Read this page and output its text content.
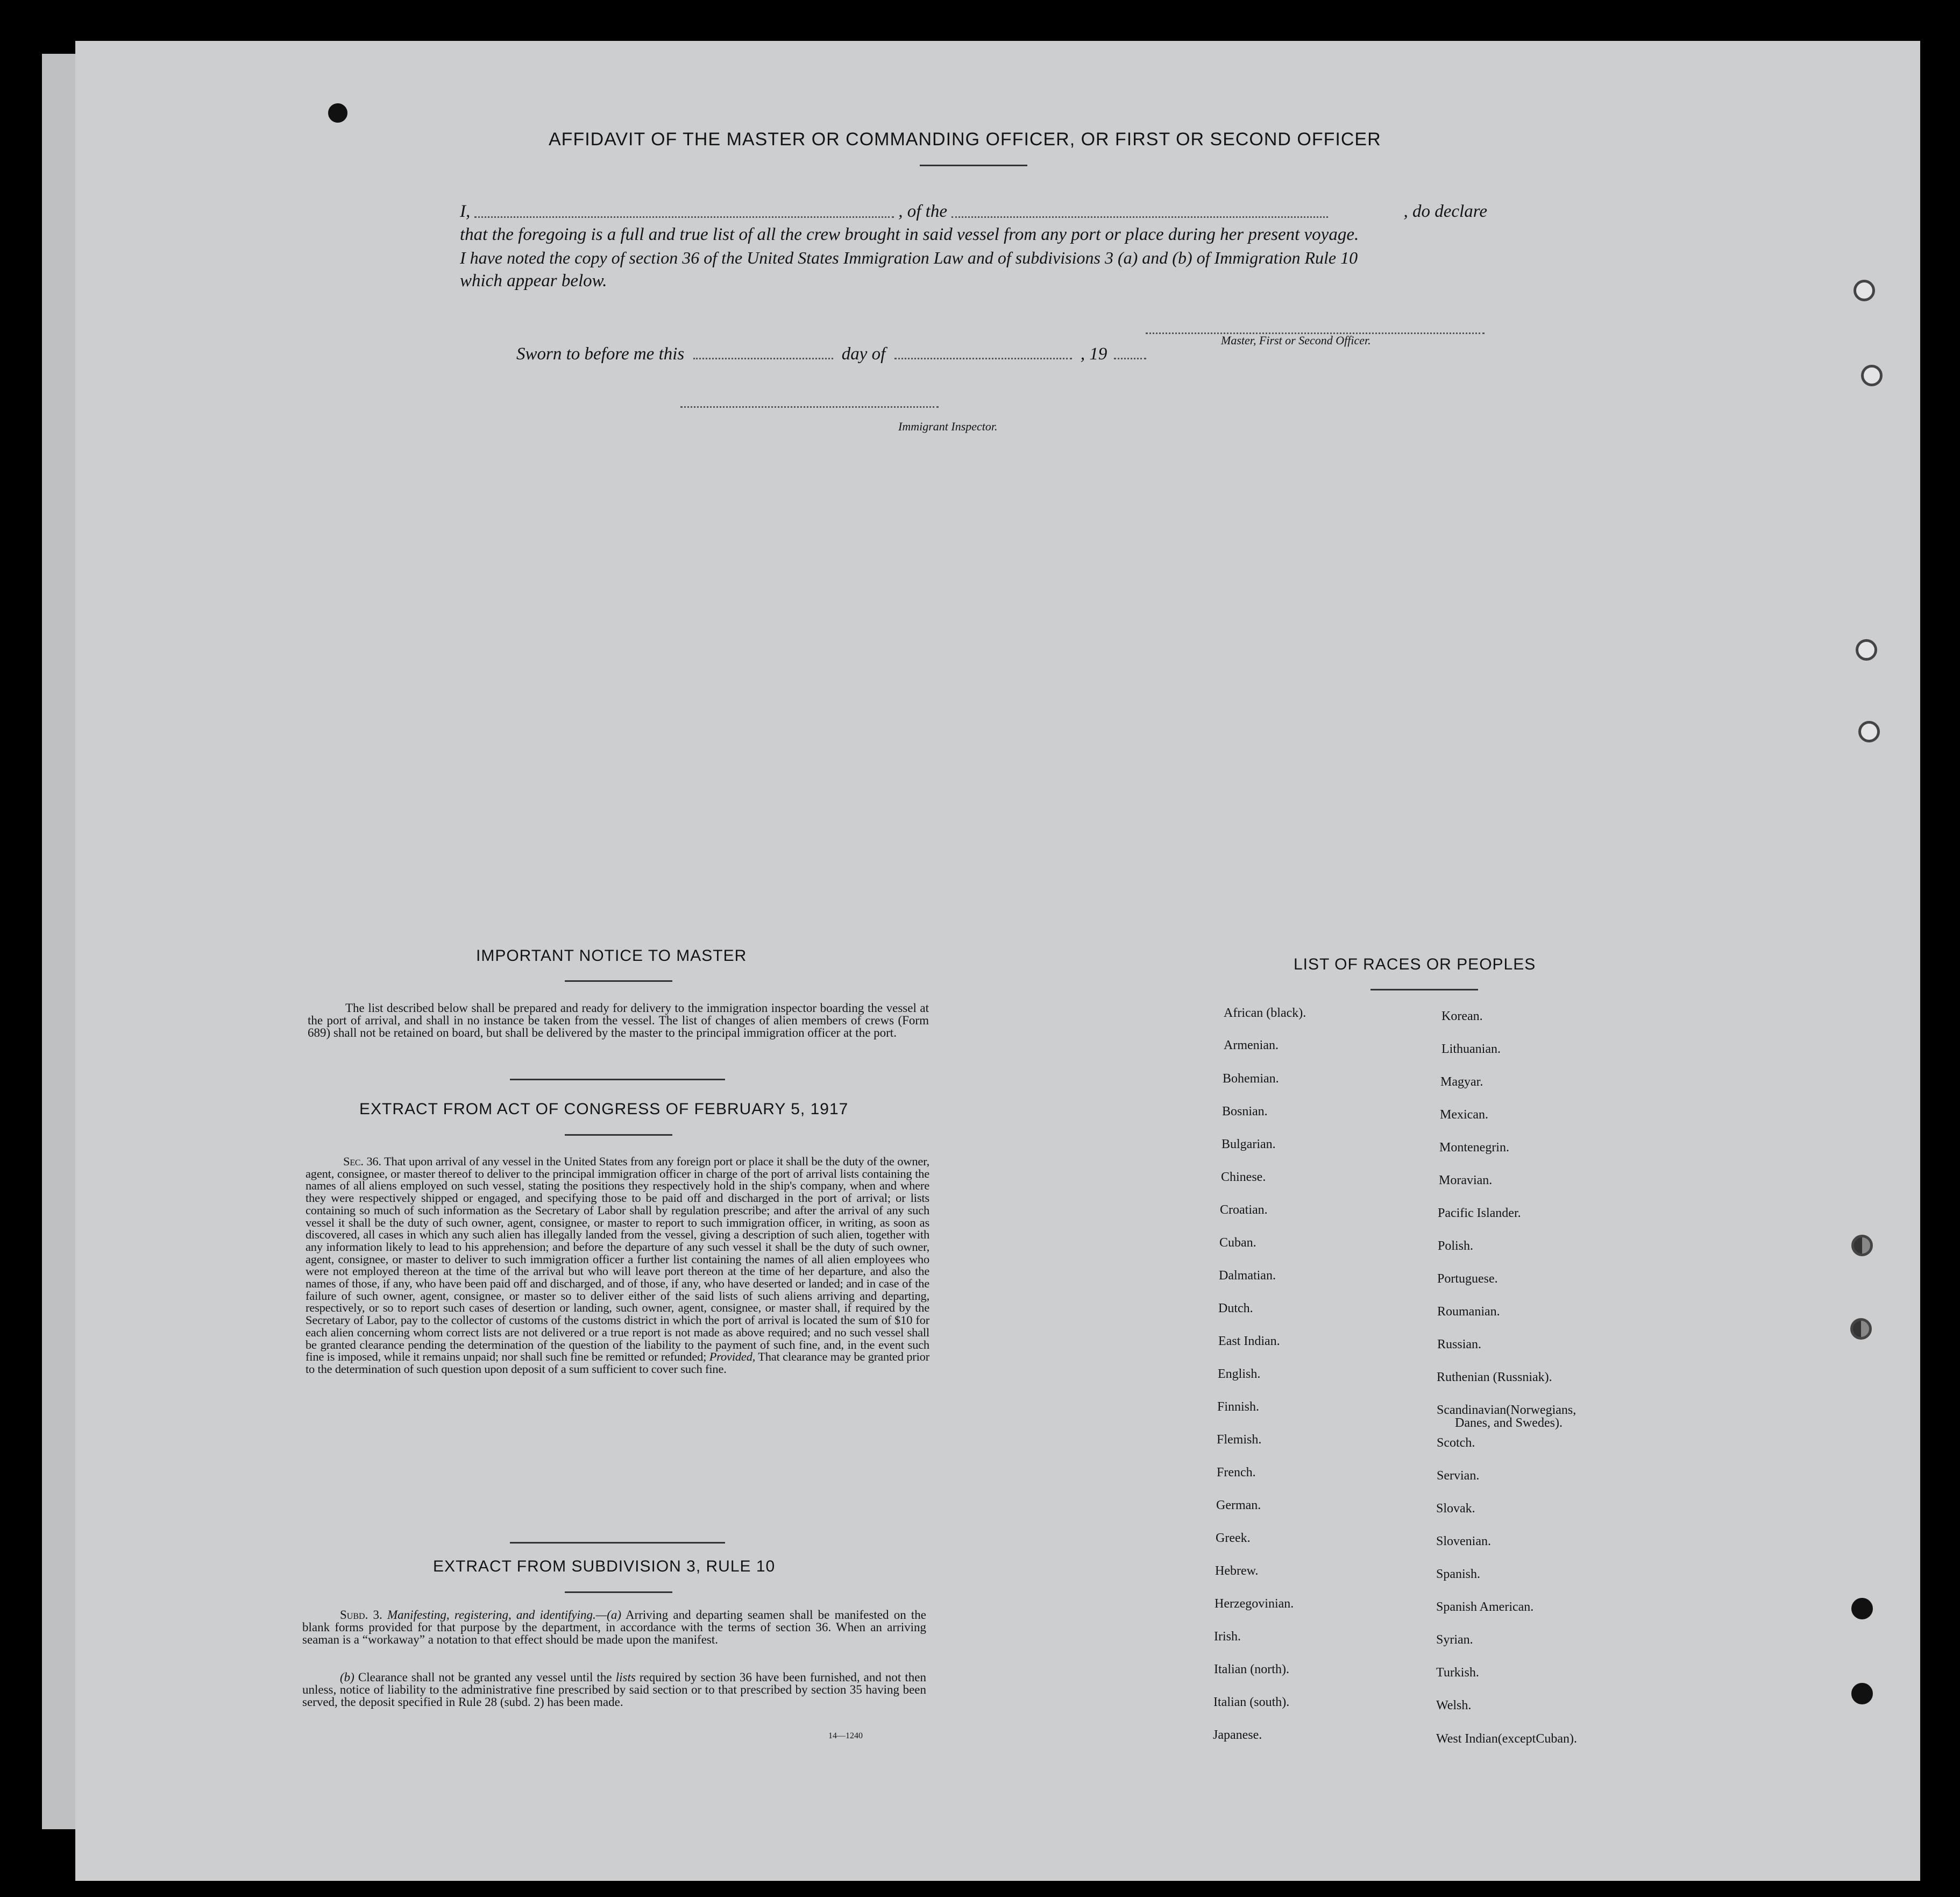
AFFIDAVIT OF THE MASTER OR COMMANDING OFFICER, OR FIRST OR SECOND OFFICER
I,	, of the	, do declare
that the foregoing is a full and true list of all the crew brought in said vessel from any port or place during her present voyage.
I have noted the copy of section 36 of the United States Immigration Law and of subdivisions 3 (a) and (b) of Immigration Rule 10
which appear below.
Master, First or Second Officer.
Sworn to before me this	day of	, 19
Immigrant Inspector.
IMPORTANT NOTICE TO MASTER
The list described below shall be prepared and ready for delivery to the immigration inspector boarding the vessel at the port of arrival, and shall in no instance be taken from the vessel. The list of changes of alien members of crews (Form 689) shall not be retained on board, but shall be delivered by the master to the principal immigration officer at the port.
EXTRACT FROM ACT OF CONGRESS OF FEBRUARY 5, 1917
Sec. 36. That upon arrival of any vessel in the United States from any foreign port or place it shall be the duty of the owner, agent, consignee, or master thereof to deliver to the principal immigration officer in charge of the port of arrival lists containing the names of all aliens employed on such vessel, stating the positions they respectively hold in the ship's company, when and where they were respectively shipped or engaged, and specifying those to be paid off and discharged in the port of arrival; or lists containing so much of such information as the Secretary of Labor shall by regulation prescribe; and after the arrival of any such vessel it shall be the duty of such owner, agent, consignee, or master to report to such immigration officer, in writing, as soon as discovered, all cases in which any such alien has illegally landed from the vessel, giving a description of such alien, together with any information likely to lead to his apprehension; and before the departure of any such vessel it shall be the duty of such owner, agent, consignee, or master to deliver to such immigration officer a further list containing the names of all alien employees who were not employed thereon at the time of the arrival but who will leave port thereon at the time of her departure, and also the names of those, if any, who have been paid off and discharged, and of those, if any, who have deserted or landed; and in case of the failure of such owner, agent, consignee, or master so to deliver either of the said lists of such aliens arriving and departing, respectively, or so to report such cases of desertion or landing, such owner, agent, consignee, or master shall, if required by the Secretary of Labor, pay to the collector of customs of the customs district in which the port of arrival is located the sum of $10 for each alien concerning whom correct lists are not delivered or a true report is not made as above required; and no such vessel shall be granted clearance pending the determination of the question of the liability to the payment of such fine, and, in the event such fine is imposed, while it remains unpaid; nor shall such fine be remitted or refunded; Provided, That clearance may be granted prior to the determination of such question upon deposit of a sum sufficient to cover such fine.
EXTRACT FROM SUBDIVISION 3, RULE 10
Subd. 3. Manifesting, registering, and identifying.—(a) Arriving and departing seamen shall be manifested on the blank forms provided for that purpose by the department, in accordance with the terms of section 36. When an arriving seaman is a “workaway” a notation to that effect should be made upon the manifest.
(b) Clearance shall not be granted any vessel until the lists required by section 36 have been furnished, and not then unless, notice of liability to the administrative fine prescribed by said section or to that prescribed by section 35 having been served, the deposit specified in Rule 28 (subd. 2) has been made.
14—1240
LIST OF RACES OR PEOPLES
African (black).
Armenian.
Bohemian.
Bosnian.
Bulgarian.
Chinese.
Croatian.
Cuban.
Dalmatian.
Dutch.
East Indian.
English.
Finnish.
Flemish.
French.
German.
Greek.
Hebrew.
Herzegovinian.
Irish.
Italian (north).
Italian (south).
Japanese.
Korean.
Lithuanian.
Magyar.
Mexican.
Montenegrin.
Moravian.
Pacific Islander.
Polish.
Portuguese.
Roumanian.
Russian.
Ruthenian (Russniak).
Scandinavian(Norwegians,
Scotch.
Servian.
Slovak.
Slovenian.
Spanish.
Spanish American.
Syrian.
Turkish.
Welsh.
West Indian(exceptCuban).
Danes, and Swedes).
